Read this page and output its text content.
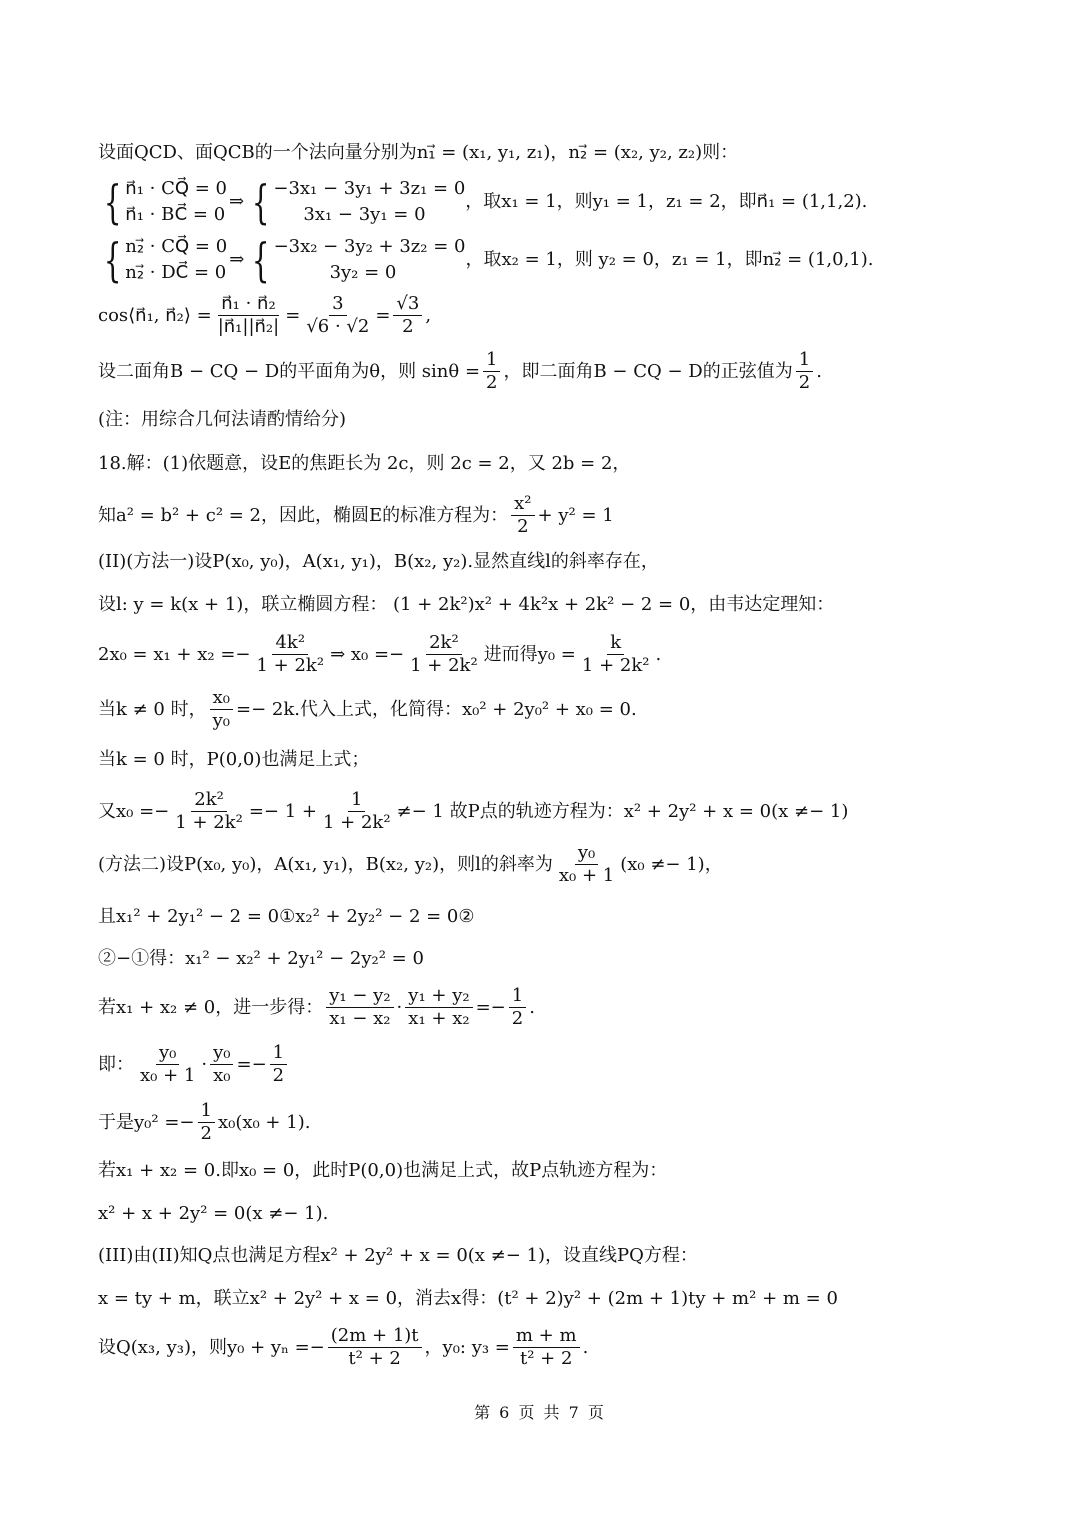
设面QCD、面QCB的一个法向量分别为n₁⃗ = (x₁, y₁, z₁)，n₂⃗ = (x₂, y₂, z₂)则：
{ n⃗₁ · CQ⃗ = 0
n⃗₁ · BC⃗ = 0
⇒ { −3x₁ − 3y₁ + 3z₁ = 0
3x₁ − 3y₁ = 0
，取x₁ = 1，则y₁ = 1，z₁ = 2，即n⃗₁ = (1,1,2).
{ n₂⃗ · CQ⃗ = 0
n₂⃗ · DC⃗ = 0
⇒ { −3x₂ − 3y₂ + 3z₂ = 0
3y₂ = 0
，取x₂ = 1，则 y₂ = 0，z₁ = 1，即n₂⃗ = (1,0,1).
cos⟨n⃗₁, n⃗₂⟩ = $\frac{\text{n⃗₁ · n⃗₂}}{\text{|n⃗₁||n⃗₂|}} = \frac{3}{√6 \cdot √2} = \frac{√3}{2}$ ,
设二面角B − CQ − D的平面角为θ，则 $\sin\theta = \frac{1}{2}$ ，即二面角B − CQ − D的正弦值为 $\frac{1}{2}$ .
(注：用综合几何法请酌情给分)
18.解：(1)依题意，设E的焦距长为 2c，则 2c = 2，又 2b = 2，
知a² = b² + c² = 2，因此，椭圆E的标准方程为： $\frac{\text{x²}}{2} + y^2 = 1$
(II)(方法一)设P(x₀, y₀)，A(x₁, y₁)，B(x₂, y₂).显然直线l的斜率存在，
设l: y = k(x + 1)，联立椭圆方程： (1 + 2k²)x² + 4k²x + 2k² − 2 = 0，由韦达定理知：
$2x_0 = x_1 + x_2 =- \frac{\text{4k²}}{\text{1 + 2k²}}$ ⇒ $x_0 =- \frac{\text{2k²}}{\text{1 + 2k²}}$ 进而得$y_0 = \frac{k}{\text{1 + 2k²}}$ .
当k ≠ 0 时， $\frac{\text{x₀}}{\text{y₀}} =- 2k$.代入上式，化简得：x₀² + 2y₀² + x₀ = 0.
当k = 0 时，P(0,0)也满足上式；
又$x_0 =- \frac{\text{2k²}}{\text{1 + 2k²}} =- 1 + \frac{1}{\text{1 + 2k²}} \ne- 1$ 故P点的轨迹方程为：x² + 2y² + x = 0(x ≠− 1)
(方法二)设P(x₀, y₀)，A(x₁, y₁)，B(x₂, y₂)，则l的斜率为 $\frac{\text{y₀}}{\text{x₀ + 1}} (x_0 \ne- 1)$，
且x₁² + 2y₁² − 2 = 0①x₂² + 2y₂² − 2 = 0②
②−①得：x₁² − x₂² + 2y₁² − 2y₂² = 0
若x₁ + x₂ ≠ 0，进一步得： $\frac{\text{y₁ − y₂}}{\text{x₁ − x₂}} \cdot \frac{\text{y₁ + y₂}}{\text{x₁ + x₂}} =- \frac{1}{2}$ .
即： $\frac{\text{y₀}}{\text{x₀ + 1}} \cdot \frac{\text{y₀}}{\text{x₀}} =- \frac{1}{2}$
于是$y_0^2 =- \frac{1}{2} x_0(x_0 + 1)$.
若x₁ + x₂ = 0.即x₀ = 0，此时P(0,0)也满足上式，故P点轨迹方程为：
x² + x + 2y² = 0(x ≠− 1).
(III)由(II)知Q点也满足方程x² + 2y² + x = 0(x ≠− 1)，设直线PQ方程：
x = ty + m，联立x² + 2y² + x = 0，消去x得：(t² + 2)y² + (2m + 1)ty + m² + m = 0
设Q(x₃, y₃)，则$y_0 + y_n =- \frac{(2m + 1)t}{\text{t² + 2}}$ ，y₀: $y_3 = \frac{m + m}{\text{t² + 2}}$ .
第 6 页 共 7 页
